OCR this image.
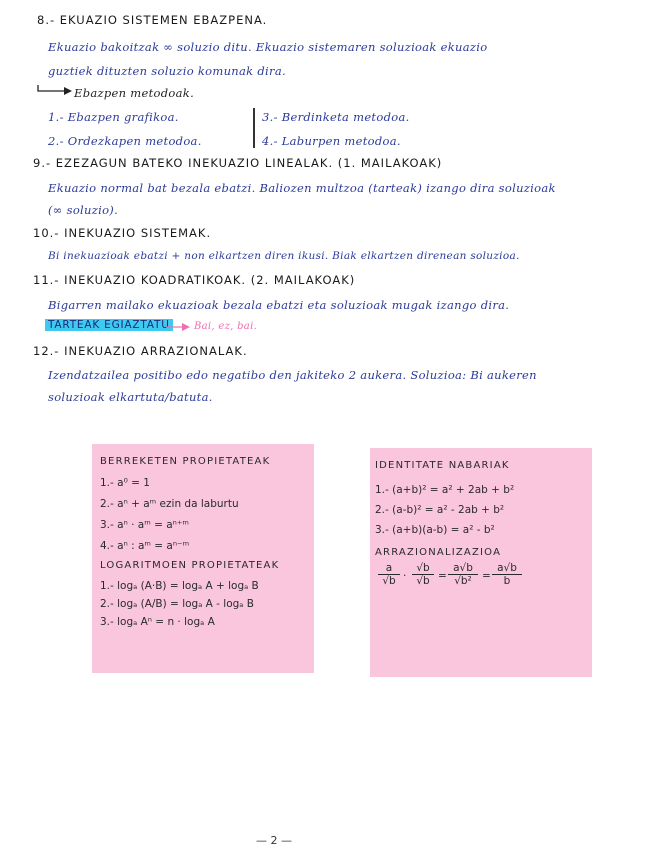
8.- EKUAZIO SISTEMEN EBAZPENA.
Ekuazio bakoitzak ∞ soluzio ditu. Ekuazio sistemaren soluzioak ekuazio
guztiek dituzten soluzio komunak dira.
Ebazpen metodoak.
1.- Ebazpen grafikoa.
2.- Ordezkapen metodoa.
3.- Berdinketa metodoa.
4.- Laburpen metodoa.
9.- EZEZAGUN BATEKO INEKUAZIO LINEALAK. (1. MAILAKOAK)
Ekuazio normal bat bezala ebatzi. Baliozen multzoa (tarteak) izango dira soluzioak
(∞ soluzio).
10.- INEKUAZIO SISTEMAK.
Bi inekuazioak ebatzi + non elkartzen diren ikusi. Biak elkartzen direnean soluzioa.
11.- INEKUAZIO KOADRATIKOAK. (2. MAILAKOAK)
Bigarren mailako ekuazioak bezala ebatzi eta soluzioak mugak izango dira.
TARTEAK EGIAZTATU	Bai, ez, bai.
12.- INEKUAZIO ARRAZIONALAK.
Izendatzailea positibo edo negatibo den jakiteko 2 aukera. Soluzioa: Bi aukeren
soluzioak elkartuta/batuta.
BERREKETEN PROPIETATEAK
1.- a⁰ = 1
2.- aⁿ + aᵐ ezin da laburtu
3.- aⁿ · aᵐ = aⁿ⁺ᵐ
4.- aⁿ : aᵐ = aⁿ⁻ᵐ
LOGARITMOEN PROPIETATEAK
1.- logₐ (A·B) = logₐ A + logₐ B
2.- logₐ (A/B) = logₐ A - logₐ B
3.- logₐ Aⁿ = n · logₐ A
IDENTITATE NABARIAK
1.- (a+b)² = a² + 2ab + b²
2.- (a-b)² = a² - 2ab + b²
3.- (a+b)(a-b) = a² - b²
ARRAZIONALIZAZIOA
$\frac{a}{√b} \cdot \frac{√b}{√b} = \frac{a√b}{\text{√b²}} = \frac{a√b}{b}$
— 2 —
